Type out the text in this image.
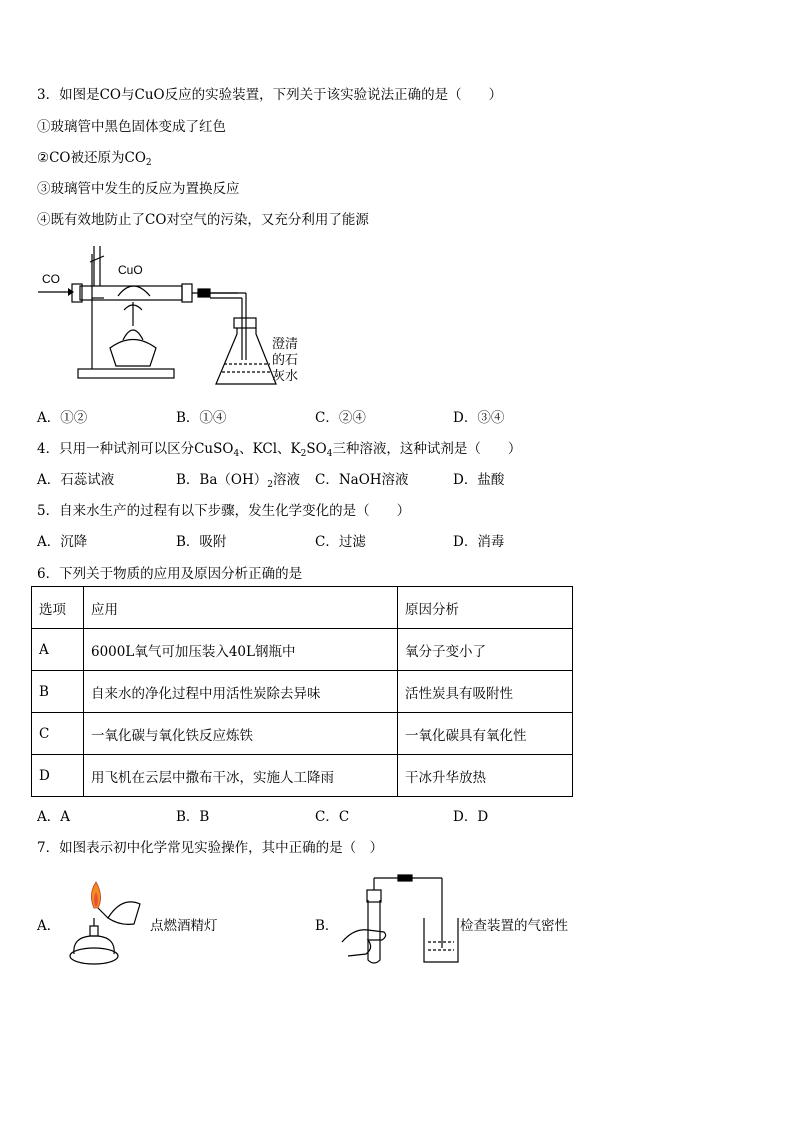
3．如图是CO与CuO反应的实验装置，下列关于该实验说法正确的是（　　）
①玻璃管中黑色固体变成了红色
②CO被还原为$CO_2$
③玻璃管中发生的反应为置换反应
④既有效地防止了CO对空气的污染，又充分利用了能源
CO
CuO
澄清
的石
灰水
A．①②	B．①④	C．②④	D．③④
4．只用一种试剂可以区分CuSO$_4$、KCl、$K_2SO_4$三种溶液，这种试剂是（　　）
A．石蕊试液	B．$Ba(OH)_2$溶液 C．NaOH溶液	D．盐酸
5．自来水生产的过程有以下步骤，发生化学变化的是（　　）
A．沉降	B．吸附	C．过滤	D．消毒
6．下列关于物质的应用及原因分析正确的是
选项	应用	原因分析
A	6000L氧气可加压装入40L钢瓶中	氧分子变小了
B	自来水的净化过程中用活性炭除去异味	活性炭具有吸附性
C	一氧化碳与氧化铁反应炼铁	一氧化碳具有氧化性
D	用飞机在云层中撒布干冰，实施人工降雨	干冰升华放热
A．A	B．B	C．C	D．D
7．如图表示初中化学常见实验操作，其中正确的是（　）
A．	点燃酒精灯	B．	检查装置的气密性
